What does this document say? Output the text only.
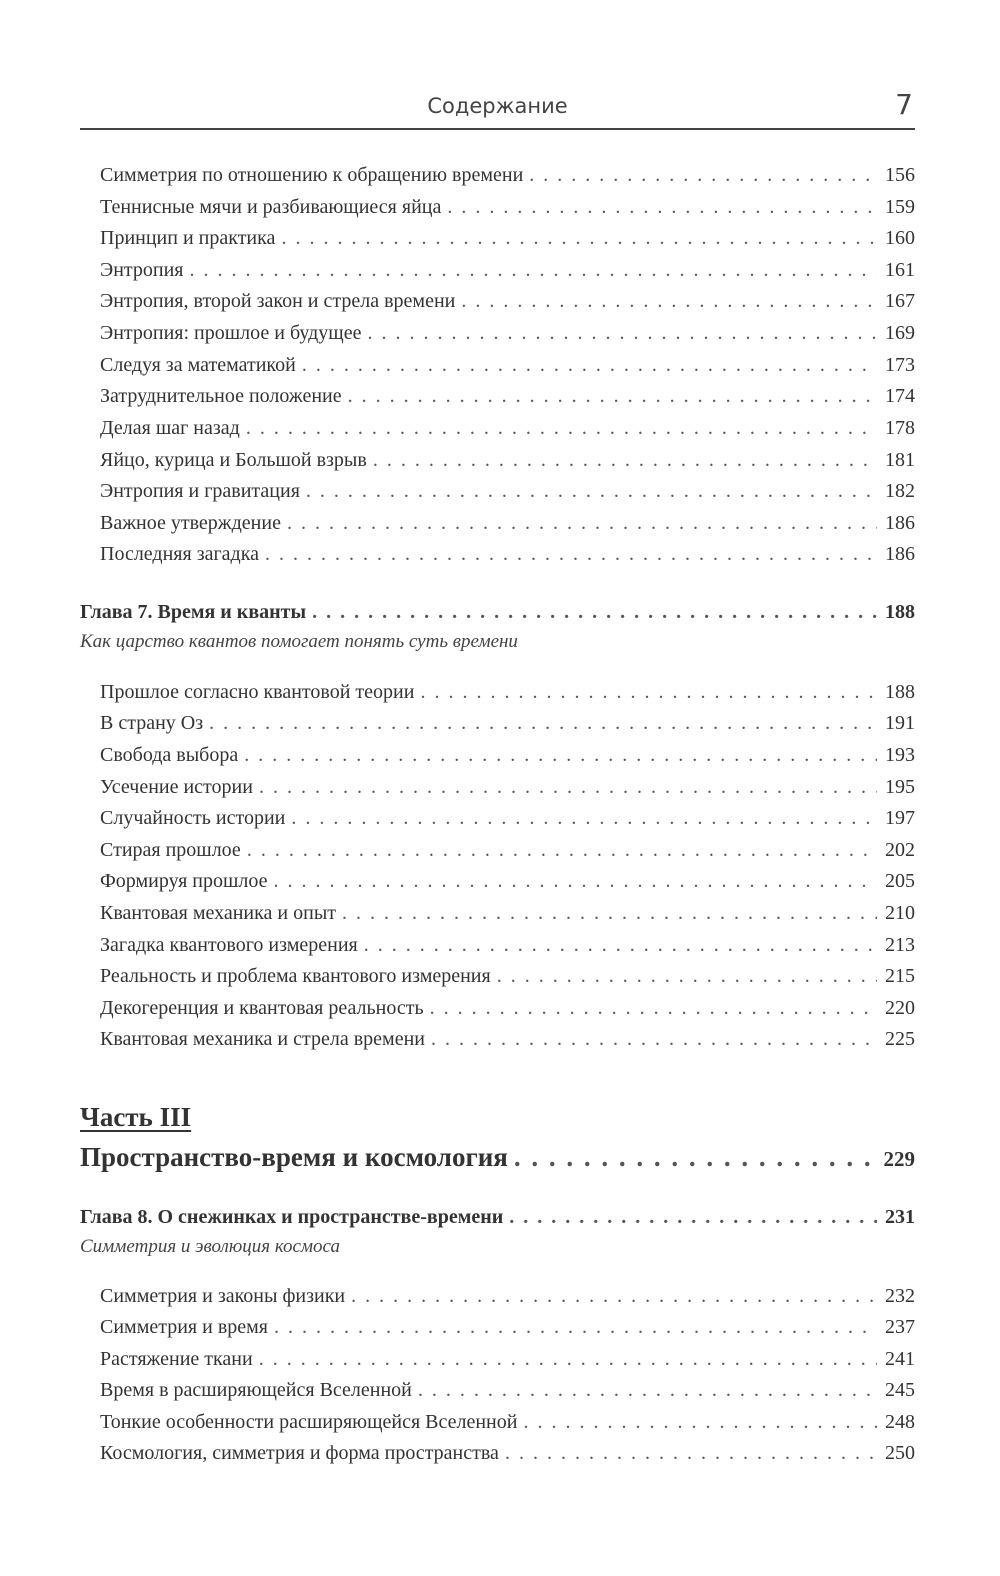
Содержание	7
Симметрия по отношению к обращению времени . . .	156
Теннисные мячи и разбивающиеся яйца . . .	159
Принцип и практика . . .	160
Энтропия . . .	161
Энтропия, второй закон и стрела времени . . .	167
Энтропия: прошлое и будущее . . .	169
Следуя за математикой . . .	173
Затруднительное положение . . .	174
Делая шаг назад . . .	178
Яйцо, курица и Большой взрыв . . .	181
Энтропия и гравитация . . .	182
Важное утверждение . . .	186
Последняя загадка . . .	186
Глава 7. Время и кванты . . .	188
Как царство квантов помогает понять суть времени
Прошлое согласно квантовой теории . . .	188
В страну Оз . . .	191
Свобода выбора . . .	193
Усечение истории . . .	195
Случайность истории . . .	197
Стирая прошлое . . .	202
Формируя прошлое . . .	205
Квантовая механика и опыт . . .	210
Загадка квантового измерения . . .	213
Реальность и проблема квантового измерения . . .	215
Декогеренция и квантовая реальность . . .	220
Квантовая механика и стрела времени . . .	225
Часть III
Пространство-время и космология . . .	229
Глава 8. О снежинках и пространстве-времени . . .	231
Симметрия и эволюция космоса
Симметрия и законы физики . . .	232
Симметрия и время . . .	237
Растяжение ткани . . .	241
Время в расширяющейся Вселенной . . .	245
Тонкие особенности расширяющейся Вселенной . . .	248
Космология, симметрия и форма пространства . . .	250
